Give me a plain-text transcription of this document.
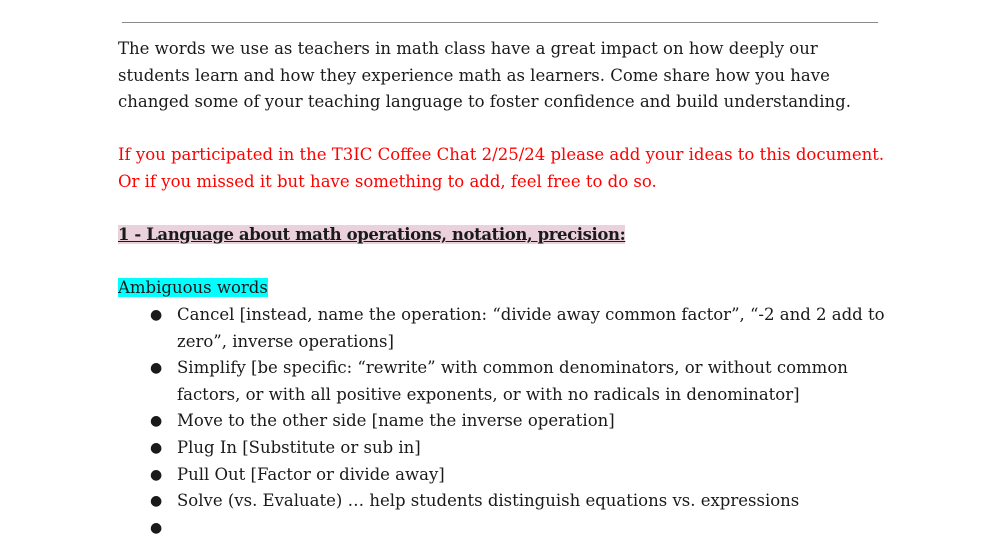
The words we use as teachers in math class have a great impact on how deeply our
students learn and how they experience math as learners. Come share how you have
changed some of your teaching language to foster confidence and build understanding.

If you participated in the T3IC Coffee Chat 2/25/24 please add your ideas to this document.
Or if you missed it but have something to add, feel free to do so.

1 - Language about math operations, notation, precision:

Ambiguous words

● Cancel [instead, name the operation: “divide away common factor”, “-2 and 2 add to
zero”, inverse operations]
● Simplify [be specific: “rewrite” with common denominators, or without common
factors, or with all positive exponents, or with no radicals in denominator]
● Move to the other side [name the inverse operation]
● Plug In [Substitute or sub in]
● Pull Out [Factor or divide away]
● Solve (vs. Evaluate) … help students distinguish equations vs. expressions
●
